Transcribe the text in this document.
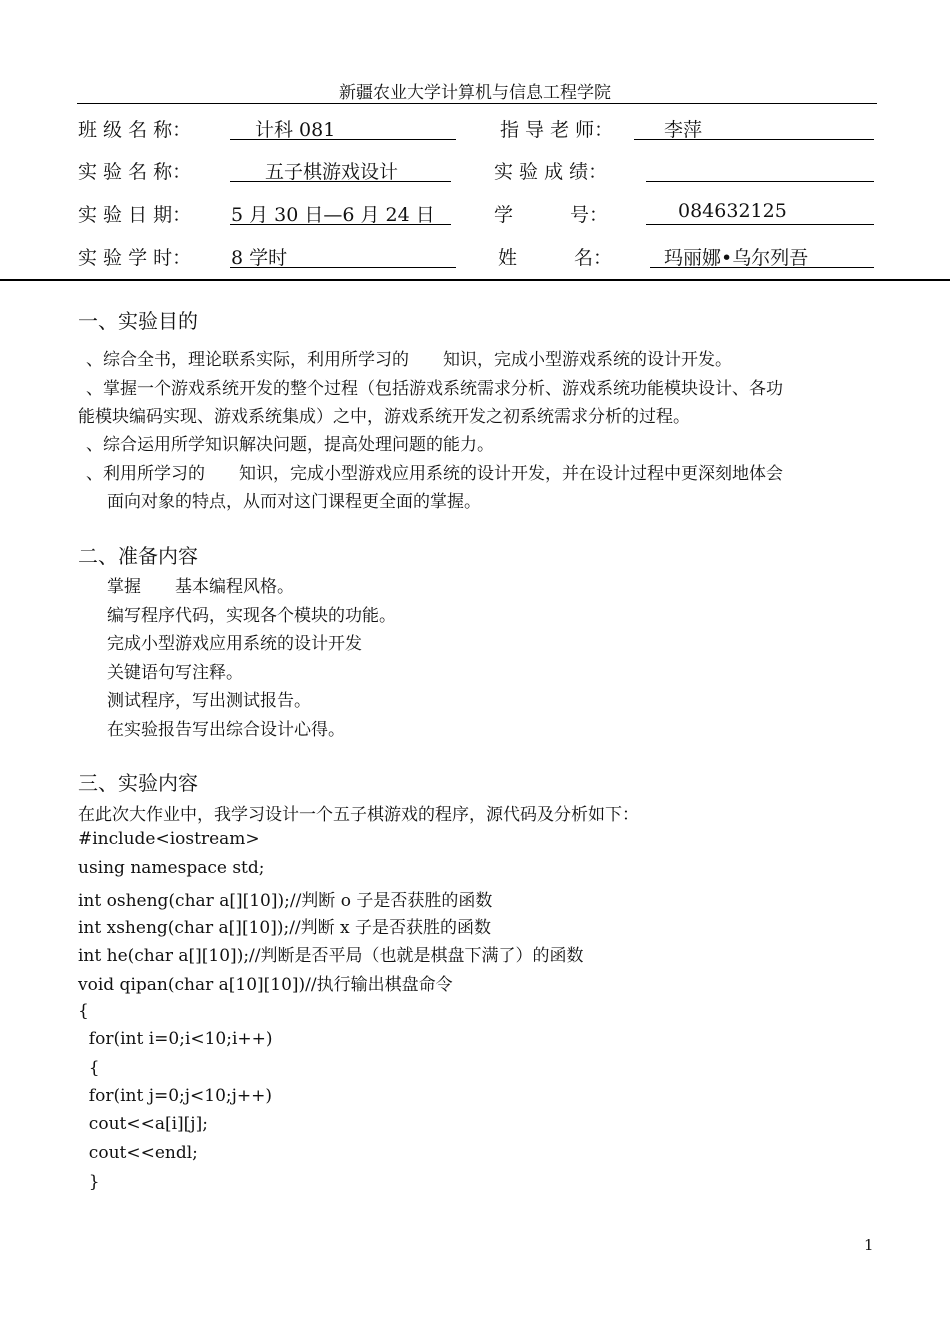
新疆农业大学计算机与信息工程学院
班 级 名 称：	计科 081	指 导 老 师：	李萍
实 验 名 称：	五子棋游戏设计	实 验 成 绩：
实 验 日 期： 5 月 30 日—6 月 24 日	学　　　号：	084632125
实 验 学 时： 8 学时	姓　　　名：	玛丽娜•乌尔列吾
一、实验目的
、综合全书，理论联系实际，利用所学习的　　知识，完成小型游戏系统的设计开发。
、掌握一个游戏系统开发的整个过程（包括游戏系统需求分析、游戏系统功能模块设计、各功
能模块编码实现、游戏系统集成）之中，游戏系统开发之初系统需求分析的过程。
、综合运用所学知识解决问题，提高处理问题的能力。
、利用所学习的　　知识，完成小型游戏应用系统的设计开发，并在设计过程中更深刻地体会
面向对象的特点，从而对这门课程更全面的掌握。
二、准备内容
掌握　　基本编程风格。
编写程序代码，实现各个模块的功能。
完成小型游戏应用系统的设计开发
关键语句写注释。
测试程序，写出测试报告。
在实验报告写出综合设计心得。
三、实验内容
在此次大作业中，我学习设计一个五子棋游戏的程序，源代码及分析如下：
#include<iostream>
using namespace std;
int osheng(char a[][10]);//判断 o 子是否获胜的函数
int xsheng(char a[][10]);//判断 x 子是否获胜的函数
int he(char a[][10]);//判断是否平局（也就是棋盘下满了）的函数
void qipan(char a[10][10])//执行输出棋盘命令
{
for(int i=0;i<10;i++)
{
for(int j=0;j<10;j++)
cout<<a[i][j];
cout<<endl;
}
1
